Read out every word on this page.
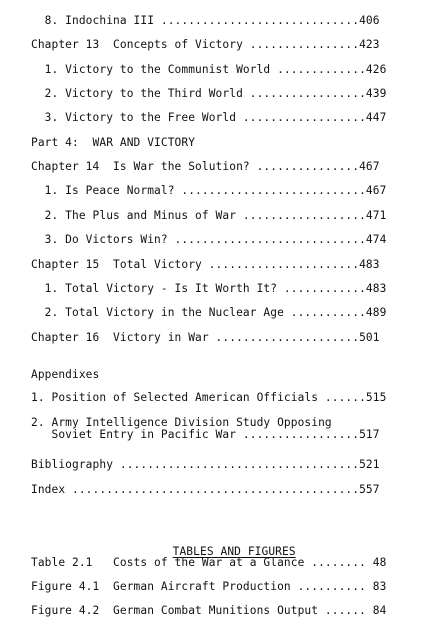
8. Indochina III .............................406
Chapter 13  Concepts of Victory ................423
1. Victory to the Communist World .............426
2. Victory to the Third World .................439
3. Victory to the Free World ..................447
Part 4:  WAR AND VICTORY
Chapter 14  Is War the Solution? ...............467
1. Is Peace Normal? ...........................467
2. The Plus and Minus of War ..................471
3. Do Victors Win? ............................474
Chapter 15  Total Victory ......................483
1. Total Victory - Is It Worth It? ............483
2. Total Victory in the Nuclear Age ...........489
Chapter 16  Victory in War .....................501
Appendixes
1. Position of Selected American Officials ......515
2. Army Intelligence Division Study Opposing
Soviet Entry in Pacific War .................517
Bibliography ...................................521
Index ..........................................557

TABLES AND FIGURES

Table 2.1   Costs of the War at a Glance ........ 48
Figure 4.1  German Aircraft Production .......... 83
Figure 4.2  German Combat Munitions Output ...... 84
